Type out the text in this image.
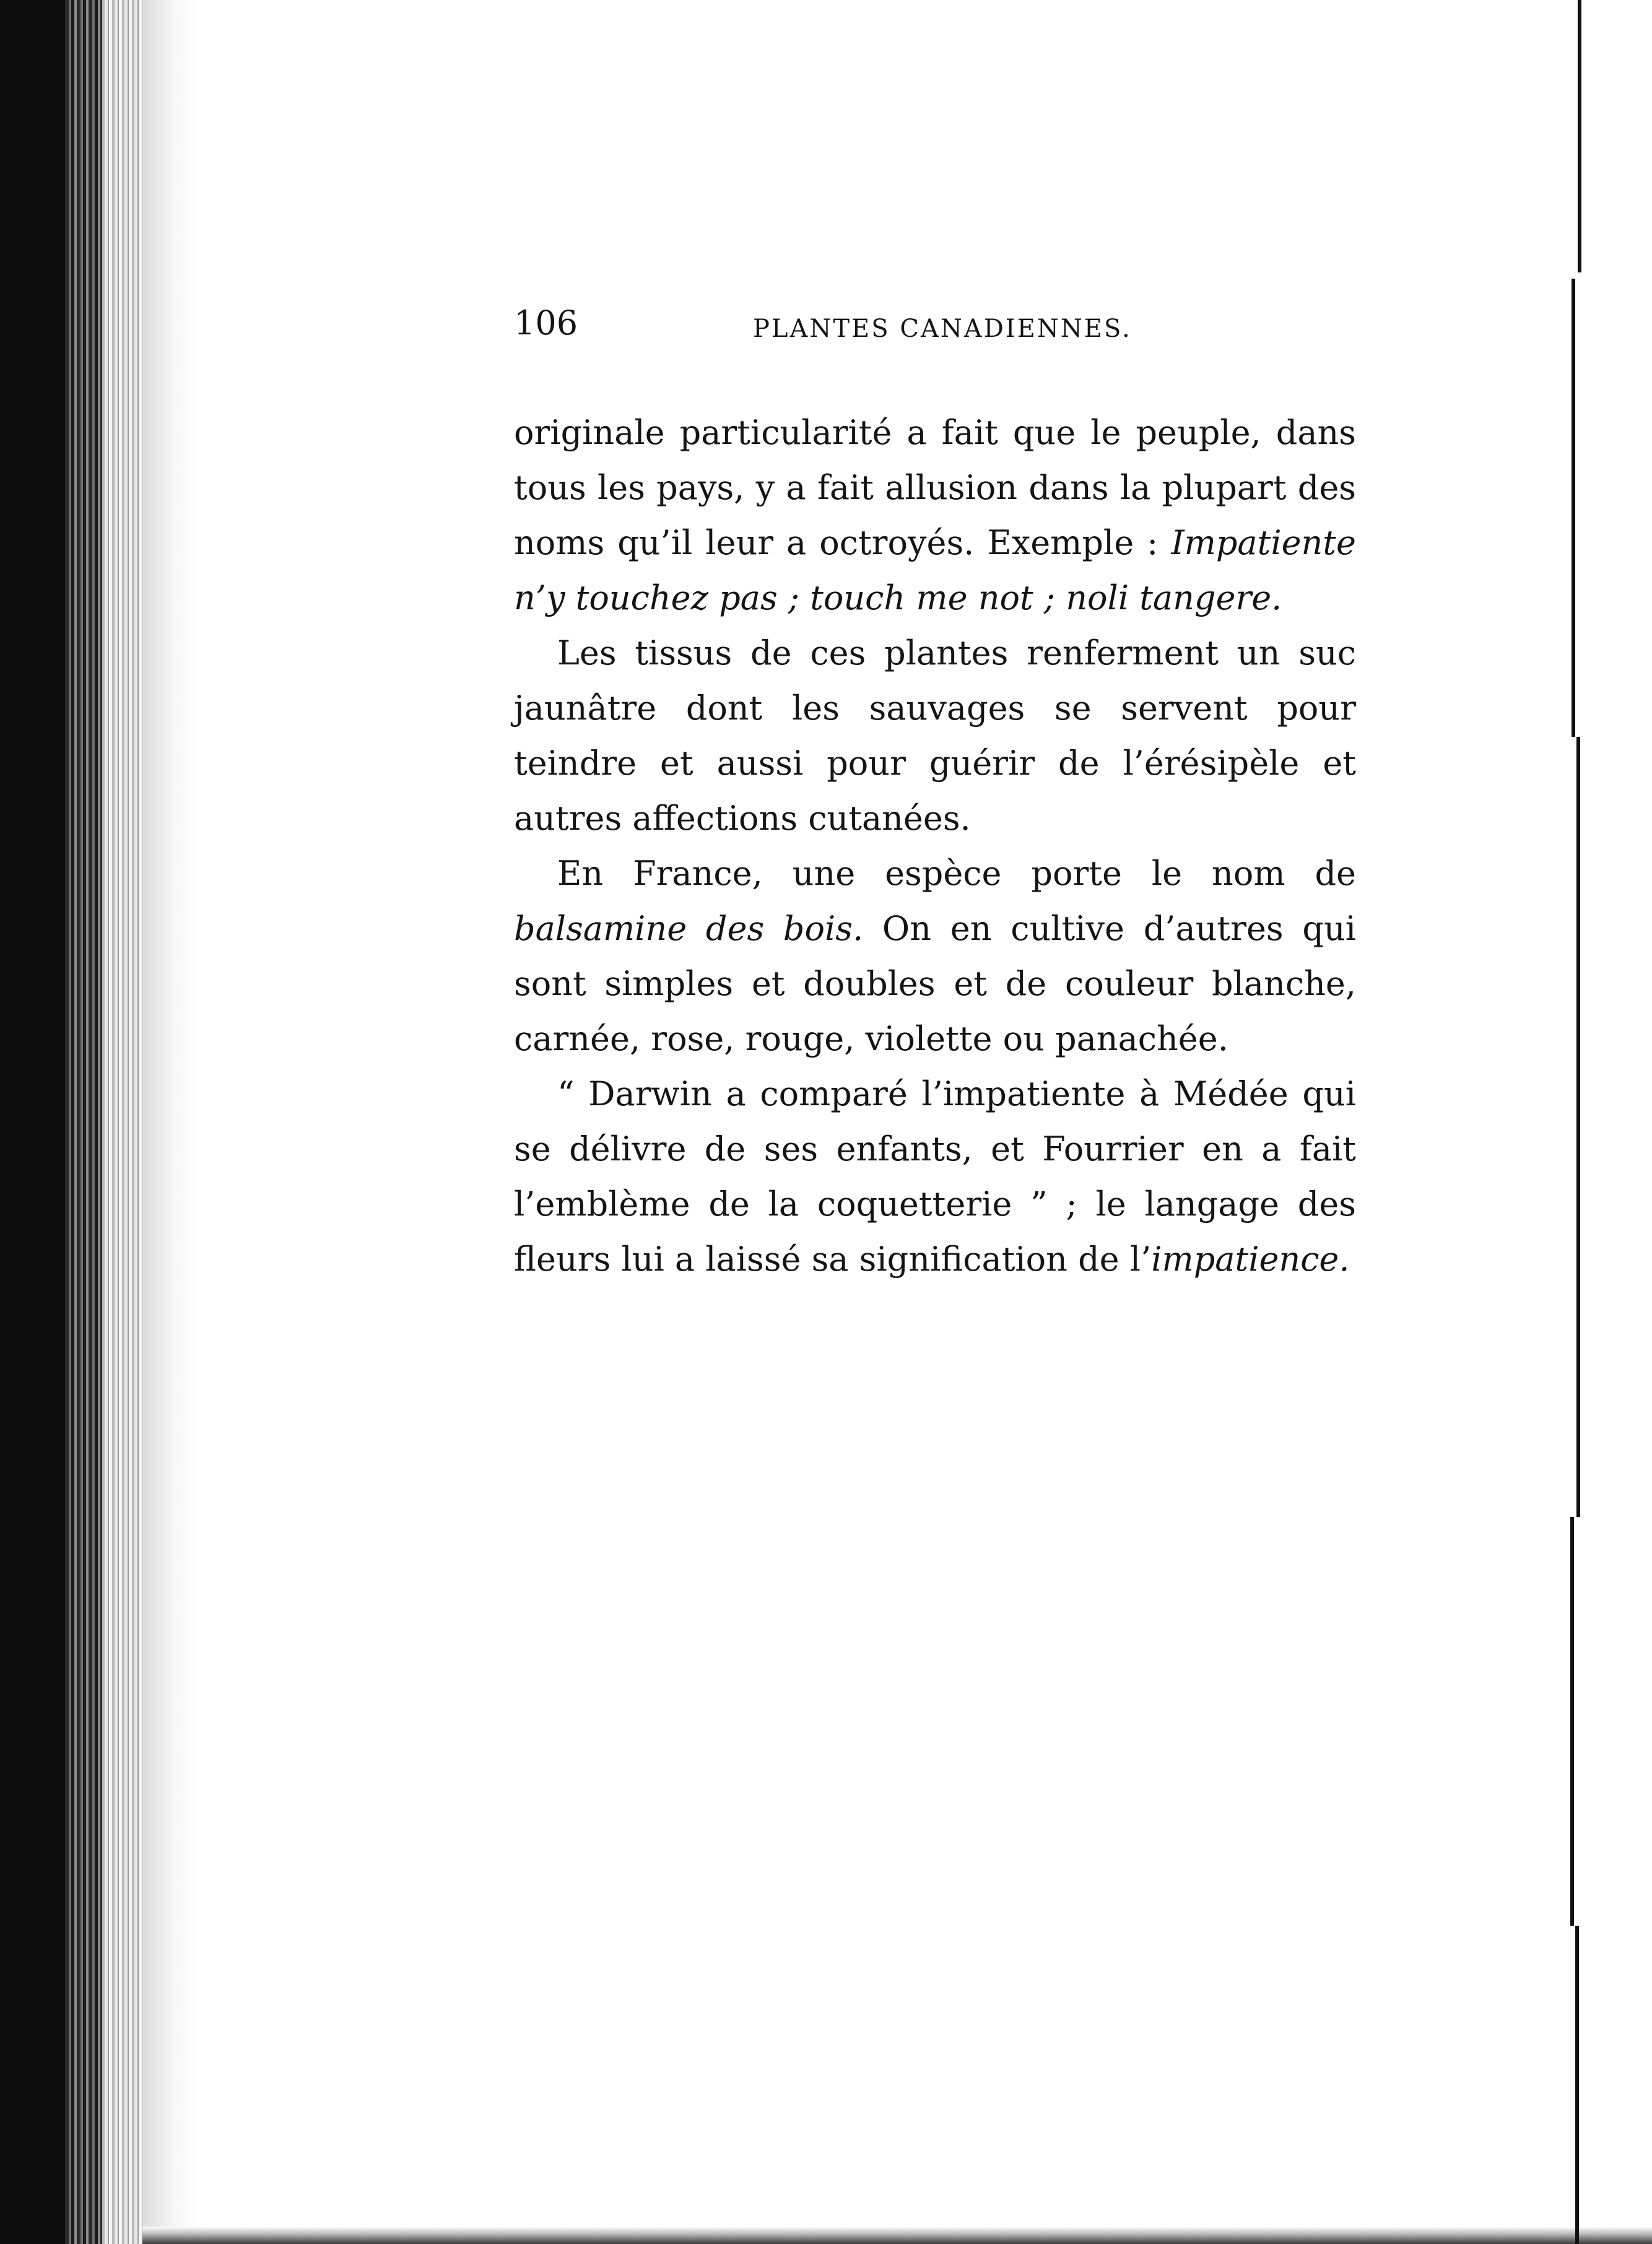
106	PLANTES CANADIENNES.

originale particularité a fait que le peuple, dans tous les pays, y a fait allusion dans la plupart des noms qu’il leur a octroyés. Exemple : Impatiente n’y touchez pas ; touch me not ; noli tangere.

Les tissus de ces plantes renferment un suc jaunâtre dont les sauvages se servent pour teindre et aussi pour guérir de l’érésipèle et autres affections cutanées.

En France, une espèce porte le nom de balsamine des bois. On en cultive d’autres qui sont simples et doubles et de couleur blanche, carnée, rose, rouge, violette ou panachée.

“ Darwin a comparé l’impatiente à Médée qui se délivre de ses enfants, et Fourrier en a fait l’emblème de la coquetterie ” ; le langage des fleurs lui a laissé sa signification de l’impatience.
